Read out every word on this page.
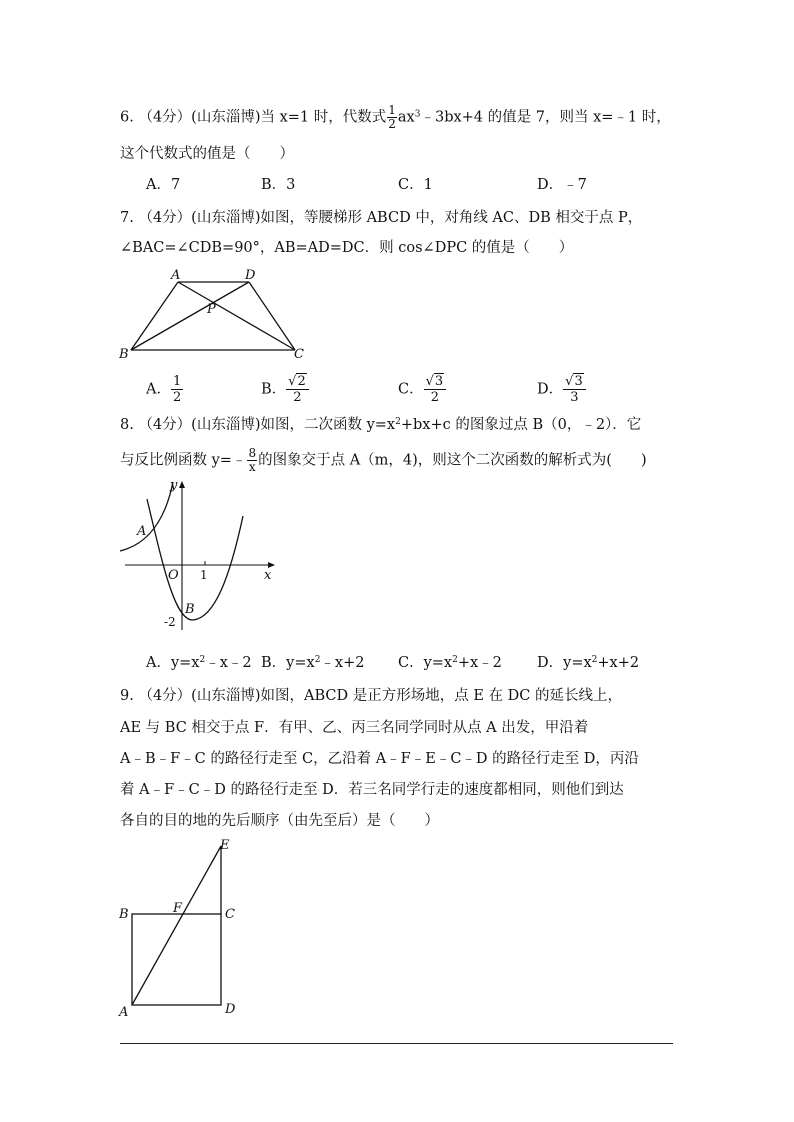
6. （4分）(山东淄博)当 x=1 时，代数式 $\frac{1}{2}$ $ax^3﹣3bx+4$ 的值是 7，则当 x=﹣1 时，
这个代数式的值是（　　）
A．7	B．3	C．1	D．﹣7
7. （4分）(山东淄博)如图，等腰梯形 ABCD 中，对角线 AC、DB 相交于点 P，
∠BAC=∠CDB=90°，AB=AD=DC．则 cos∠DPC 的值是（　　）
A	D
P
B	C
A． $\frac{1}{2}$	B． $\frac{√2}{2}$	C． $\frac{√3}{2}$	D． $\frac{√3}{3}$
8. （4分）(山东淄博)如图，二次函数 $y=x^2+bx+c$ 的图象过点 B（0，﹣2）．它
与反比例函数 y=﹣ $\frac{8}{x}$ 的图象交于点 A（m，4)，则这个二次函数的解析式为(　　)
y
x
O 1
A
B
-2
A．$y=x^2﹣x﹣2$ B．$y=x^2﹣x+2$ C．$y=x^2+x﹣2$ D．$y=x^2+x+2$
9. （4分）(山东淄博)如图，ABCD 是正方形场地，点 E 在 DC 的延长线上，
AE 与 BC 相交于点 F．有甲、乙、丙三名同学同时从点 A 出发，甲沿着
A﹣B﹣F﹣C 的路径行走至 C，乙沿着 A﹣F﹣E﹣C﹣D 的路径行走至 D，丙沿
着 A﹣F﹣C﹣D 的路径行走至 D．若三名同学行走的速度都相同，则他们到达
各自的目的地的先后顺序（由先至后）是（　　）
E
B	F	C
A	D
